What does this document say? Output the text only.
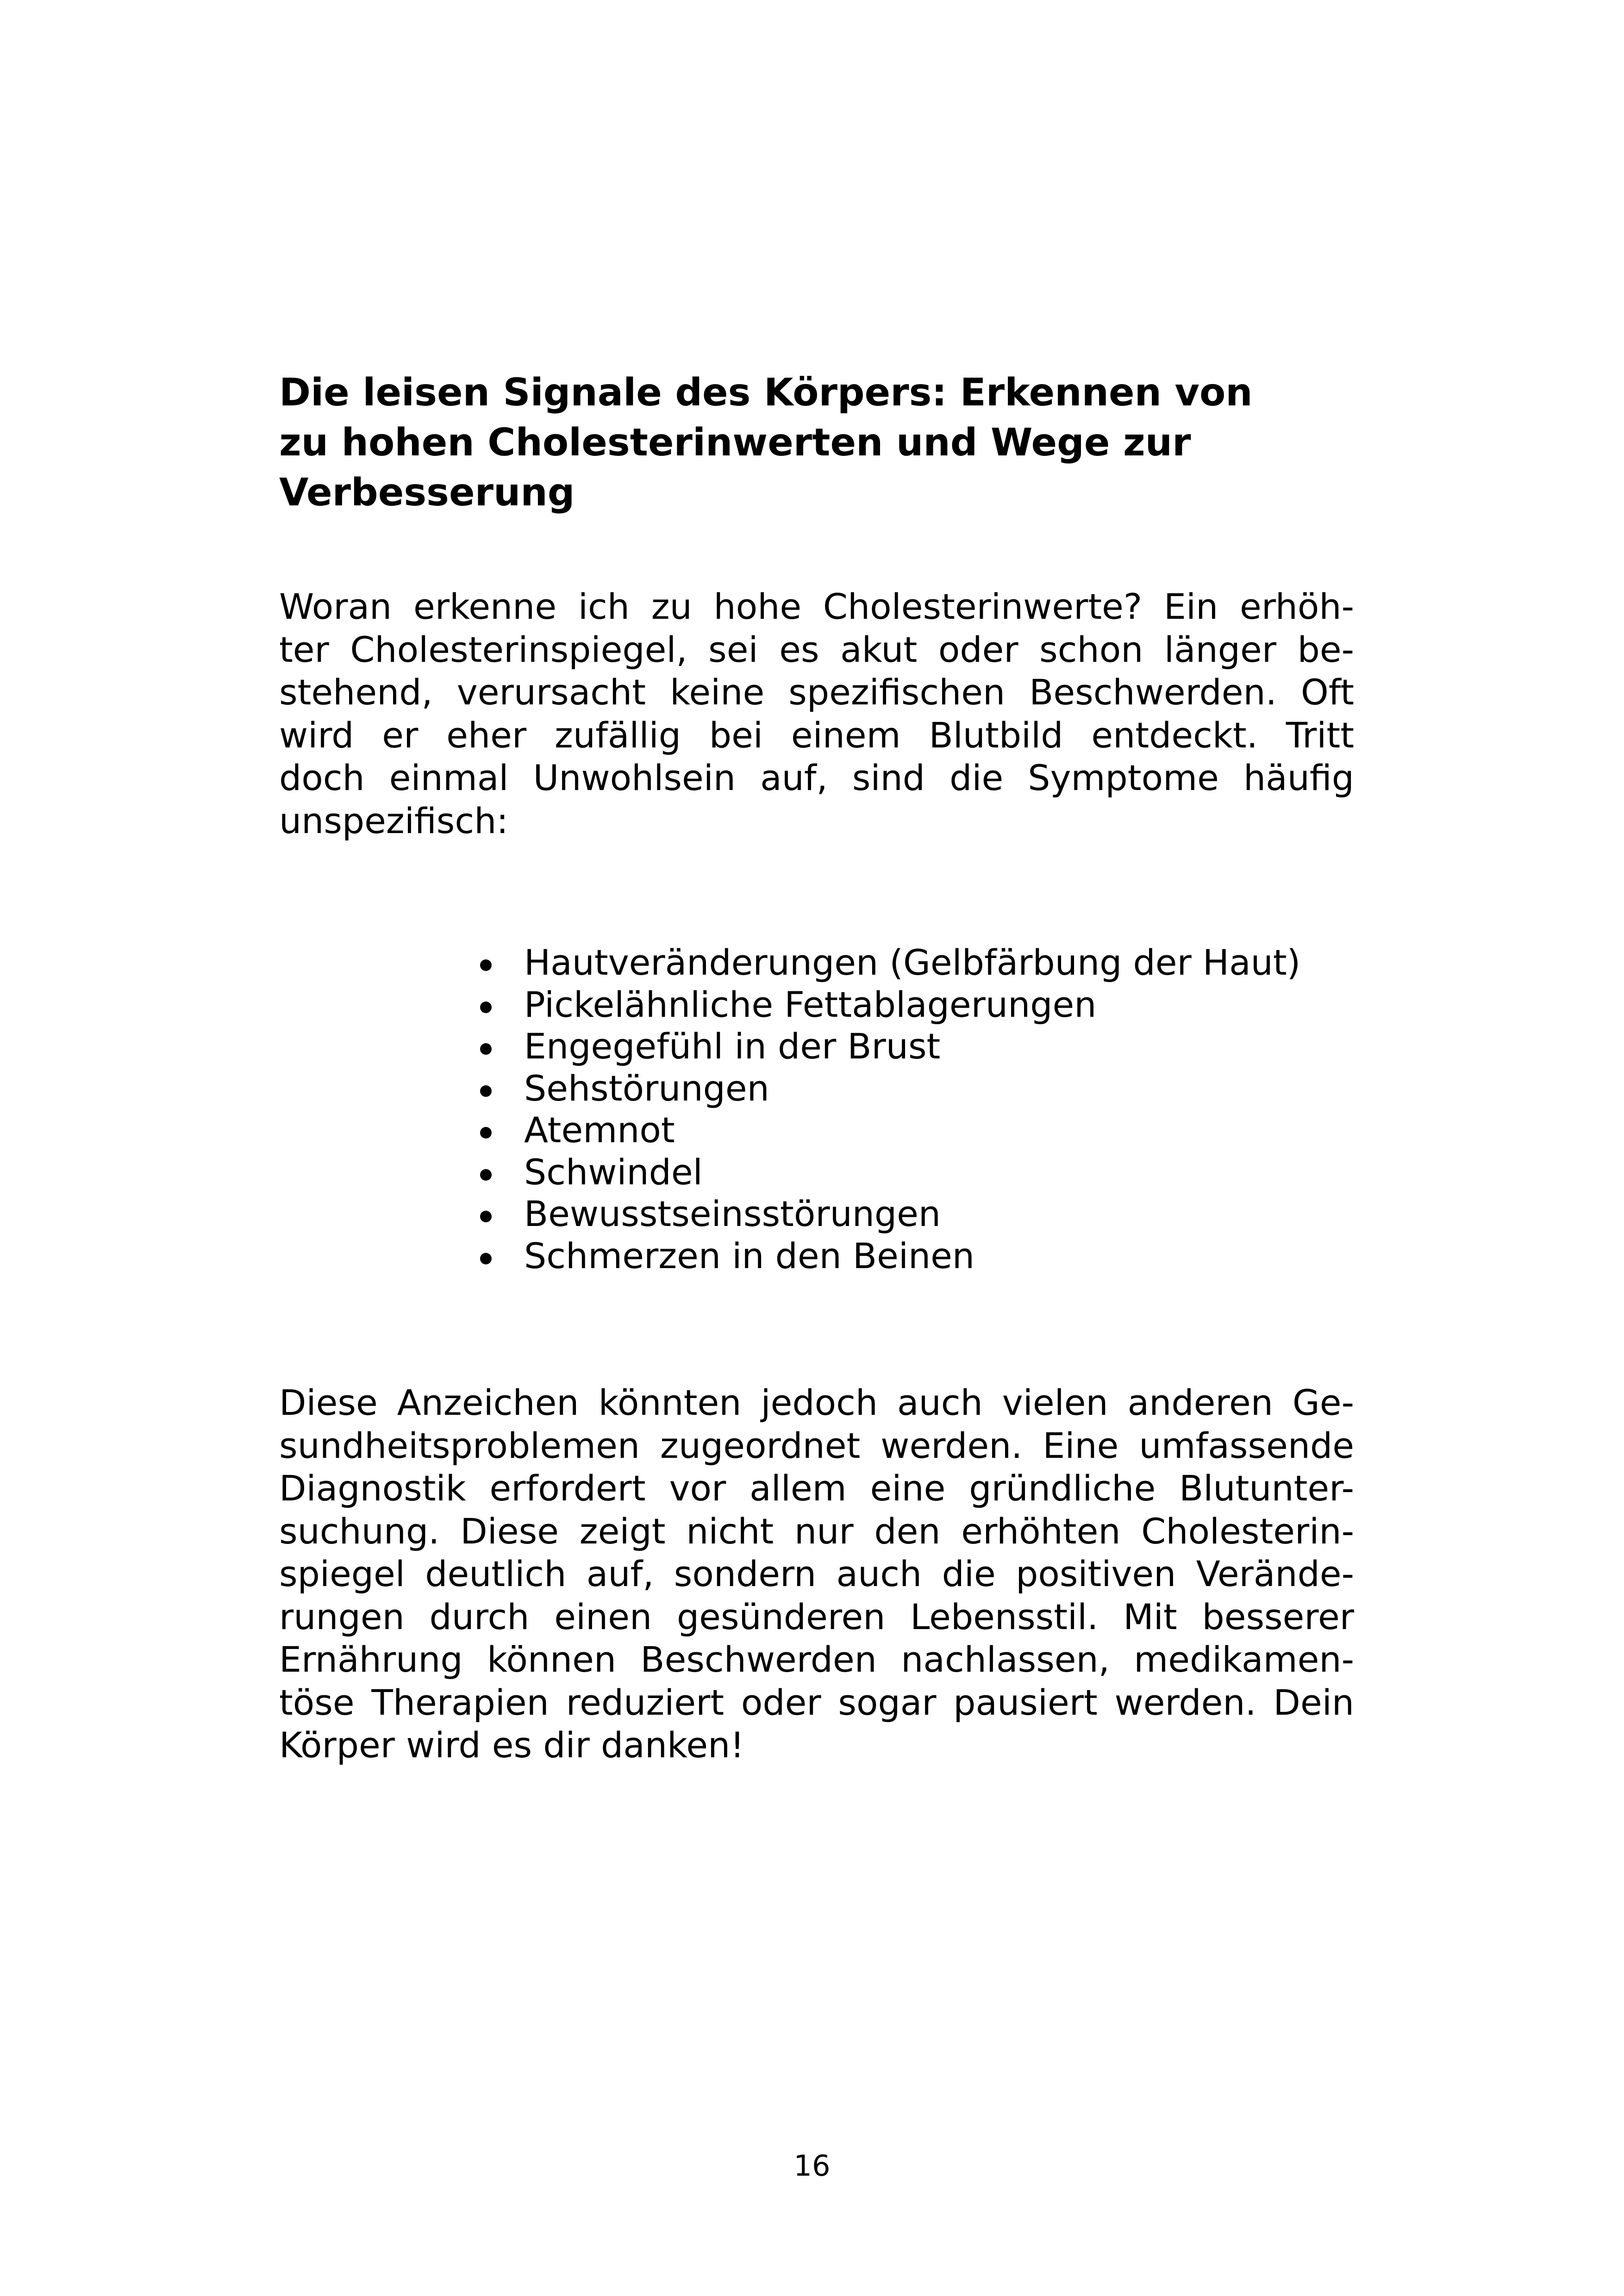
Die leisen Signale des Körpers: Erkennen von
zu hohen Cholesterinwerten und Wege zur
Verbesserung
Woran erkenne ich zu hohe Cholesterinwerte? Ein erhöh-
ter Cholesterinspiegel, sei es akut oder schon länger be-
stehend, verursacht keine spezifischen Beschwerden. Oft
wird er eher zufällig bei einem Blutbild entdeckt. Tritt
doch einmal Unwohlsein auf, sind die Symptome häufig
unspezifisch:
Hautveränderungen (Gelbfärbung der Haut)
Pickelähnliche Fettablagerungen
Engegefühl in der Brust
Sehstörungen
Atemnot
Schwindel
Bewusstseinsstörungen
Schmerzen in den Beinen
Diese Anzeichen könnten jedoch auch vielen anderen Ge-
sundheitsproblemen zugeordnet werden. Eine umfassende
Diagnostik erfordert vor allem eine gründliche Blutunter-
suchung. Diese zeigt nicht nur den erhöhten Cholesterin-
spiegel deutlich auf, sondern auch die positiven Verände-
rungen durch einen gesünderen Lebensstil. Mit besserer
Ernährung können Beschwerden nachlassen, medikamen-
töse Therapien reduziert oder sogar pausiert werden. Dein
Körper wird es dir danken!
16
